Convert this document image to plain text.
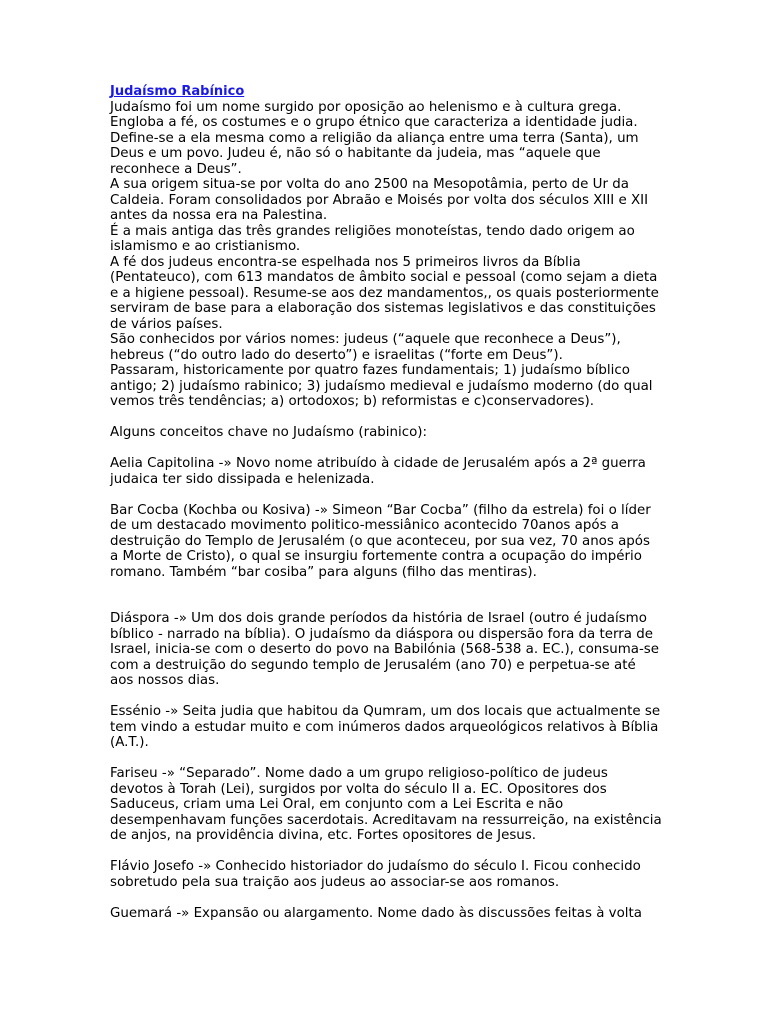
Judaísmo Rabínico

Judaísmo foi um nome surgido por oposição ao helenismo e à cultura grega. Engloba a fé, os costumes e o grupo étnico que caracteriza a identidade judia. Define-se a ela mesma como a religião da aliança entre uma terra (Santa), um Deus e um povo. Judeu é, não só o habitante da judeia, mas “aquele que reconhece a Deus”.

A sua origem situa-se por volta do ano 2500 na Mesopotâmia, perto de Ur da Caldeia. Foram consolidados por Abraão e Moisés por volta dos séculos XIII e XII antes da nossa era na Palestina.

É a mais antiga das três grandes religiões monoteístas, tendo dado origem ao islamismo e ao cristianismo.

A fé dos judeus encontra-se espelhada nos 5 primeiros livros da Bíblia (Pentateuco), com 613 mandatos de âmbito social e pessoal (como sejam a dieta e a higiene pessoal). Resume-se aos dez mandamentos,, os quais posteriormente serviram de base para a elaboração dos sistemas legislativos e das constituições de vários países.

São conhecidos por vários nomes: judeus (“aquele que reconhece a Deus”), hebreus (“do outro lado do deserto”) e israelitas (“forte em Deus”).

Passaram, historicamente por quatro fazes fundamentais; 1) judaísmo bíblico antigo; 2) judaísmo rabinico; 3) judaísmo medieval e judaísmo moderno (do qual vemos três tendências; a) ortodoxos; b) reformistas e c)conservadores).

Alguns conceitos chave no Judaísmo (rabinico):

Aelia Capitolina -» Novo nome atribuído à cidade de Jerusalém após a 2ª guerra judaica ter sido dissipada e helenizada.

Bar Cocba (Kochba ou Kosiva) -» Simeon “Bar Cocba” (filho da estrela) foi o líder de um destacado movimento politico-messiânico acontecido 70anos após a destruição do Templo de Jerusalém (o que aconteceu, por sua vez, 70 anos após a Morte de Cristo), o qual se insurgiu fortemente contra a ocupação do império romano. Também “bar cosiba” para alguns (filho das mentiras).

Diáspora -» Um dos dois grande períodos da história de Israel (outro é judaísmo bíblico - narrado na bíblia). O judaísmo da diáspora ou dispersão fora da terra de Israel, inicia-se com o deserto do povo na Babilónia (568-538 a. EC.), consuma-se com a destruição do segundo templo de Jerusalém (ano 70) e perpetua-se até aos nossos dias.

Essénio -» Seita judia que habitou da Qumram, um dos locais que actualmente se tem vindo a estudar muito e com inúmeros dados arqueológicos relativos à Bíblia (A.T.).

Fariseu -» “Separado”. Nome dado a um grupo religioso-político de judeus devotos à Torah (Lei), surgidos por volta do século II a. EC. Opositores dos Saduceus, criam uma Lei Oral, em conjunto com a Lei Escrita e não desempenhavam funções sacerdotais. Acreditavam na ressurreição, na existência de anjos, na providência divina, etc. Fortes opositores de Jesus.

Flávio Josefo -» Conhecido historiador do judaísmo do século I. Ficou conhecido sobretudo pela sua traição aos judeus ao associar-se aos romanos.

Guemará -» Expansão ou alargamento. Nome dado às discussões feitas à volta
